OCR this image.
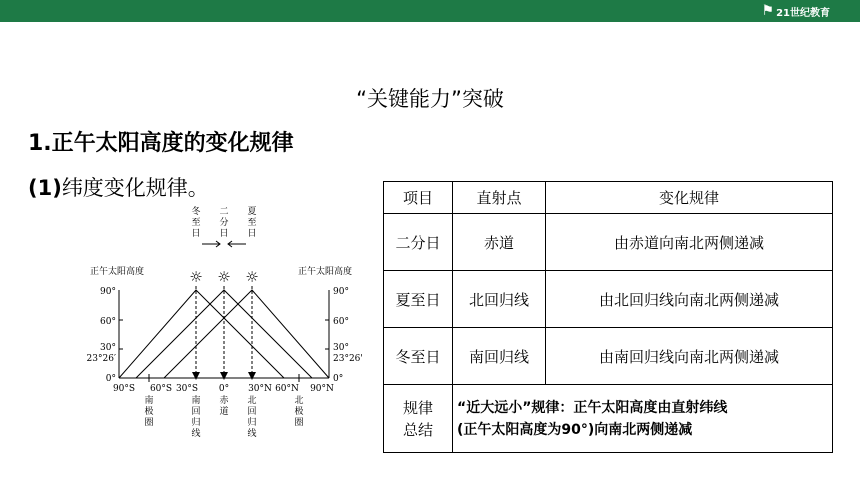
⚑ 21世纪教育
“关键能力”突破
1.正午太阳高度的变化规律
(1)纬度变化规律。
冬
至
日
二
分
日
夏
至
日
☼ ☼ ☼
正午太阳高度	正午太阳高度
90°
60°
30°
23°26′
0°
90°
60°
30°
23°26'
0°
90°S 60°S 30°S 0° 30°N 60°N 90°N
南
极
圈
南
回
归
线
赤
道
北
回
归
线
北
极
圈
项目	直射点	变化规律
二分日	赤道	由赤道向南北两侧递减
夏至日	北回归线	由北回归线向南北两侧递减
冬至日	南回归线	由南回归线向南北两侧递减
规律
总结	“近大远小”规律：正午太阳高度由直射纬线
(正午太阳高度为90°)向南北两侧递减	
